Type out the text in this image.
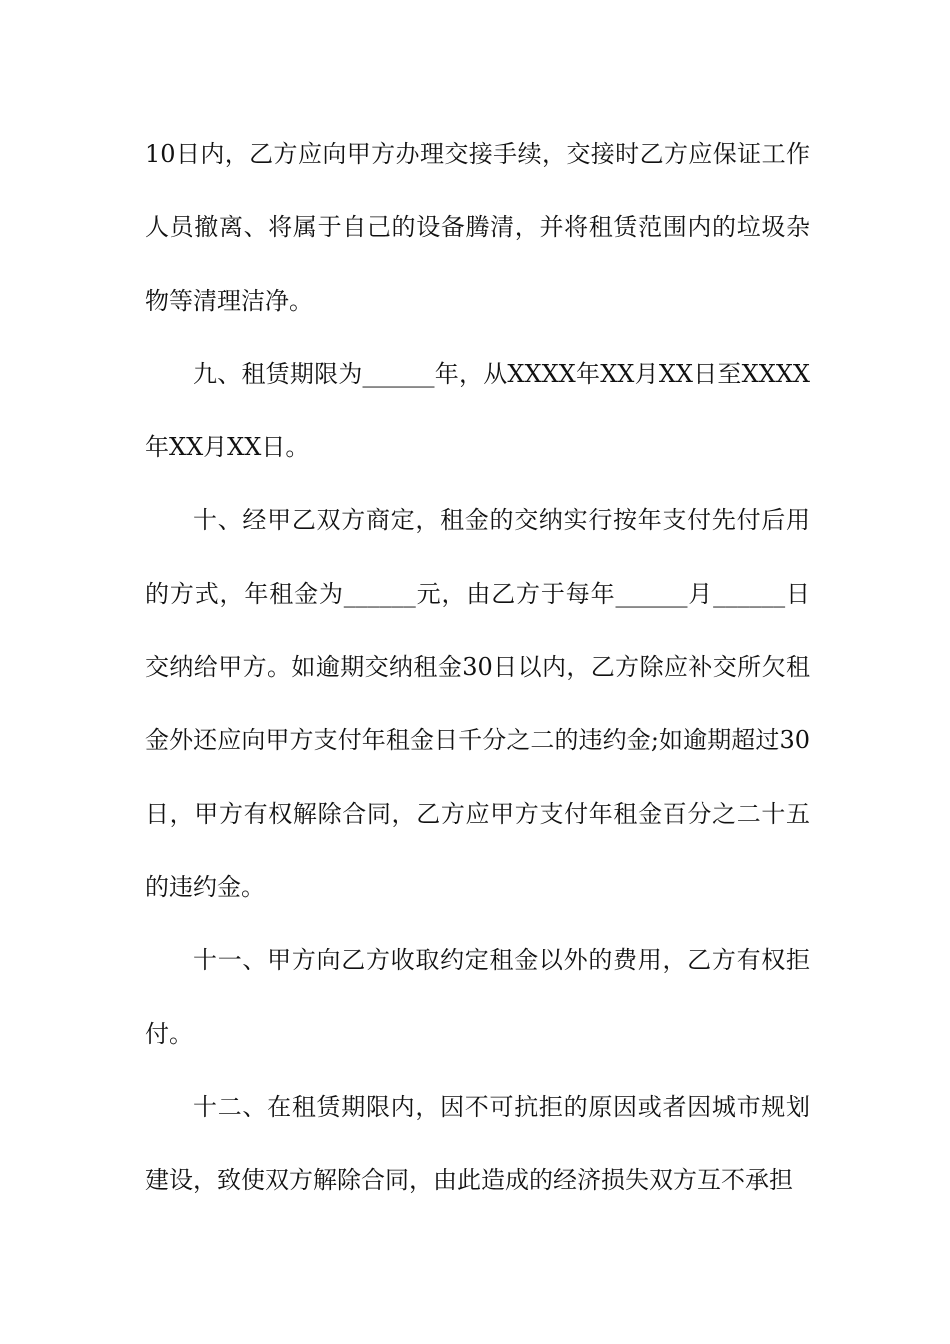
10日内，乙方应向甲方办理交接手续，交接时乙方应保证工作人员撤离、将属于自己的设备腾清，并将租赁范围内的垃圾杂物等清理洁净。

九、租赁期限为______年，从XXXX年XX月XX日至XXXX年XX月XX日。

十、经甲乙双方商定，租金的交纳实行按年支付先付后用的方式，年租金为______元，由乙方于每年______月______日交纳给甲方。如逾期交纳租金30日以内，乙方除应补交所欠租金外还应向甲方支付年租金日千分之二的违约金;如逾期超过30日，甲方有权解除合同，乙方应甲方支付年租金百分之二十五的违约金。

十一、甲方向乙方收取约定租金以外的费用，乙方有权拒付。

十二、在租赁期限内，因不可抗拒的原因或者因城市规划建设，致使双方解除合同，由此造成的经济损失双方互不承担
